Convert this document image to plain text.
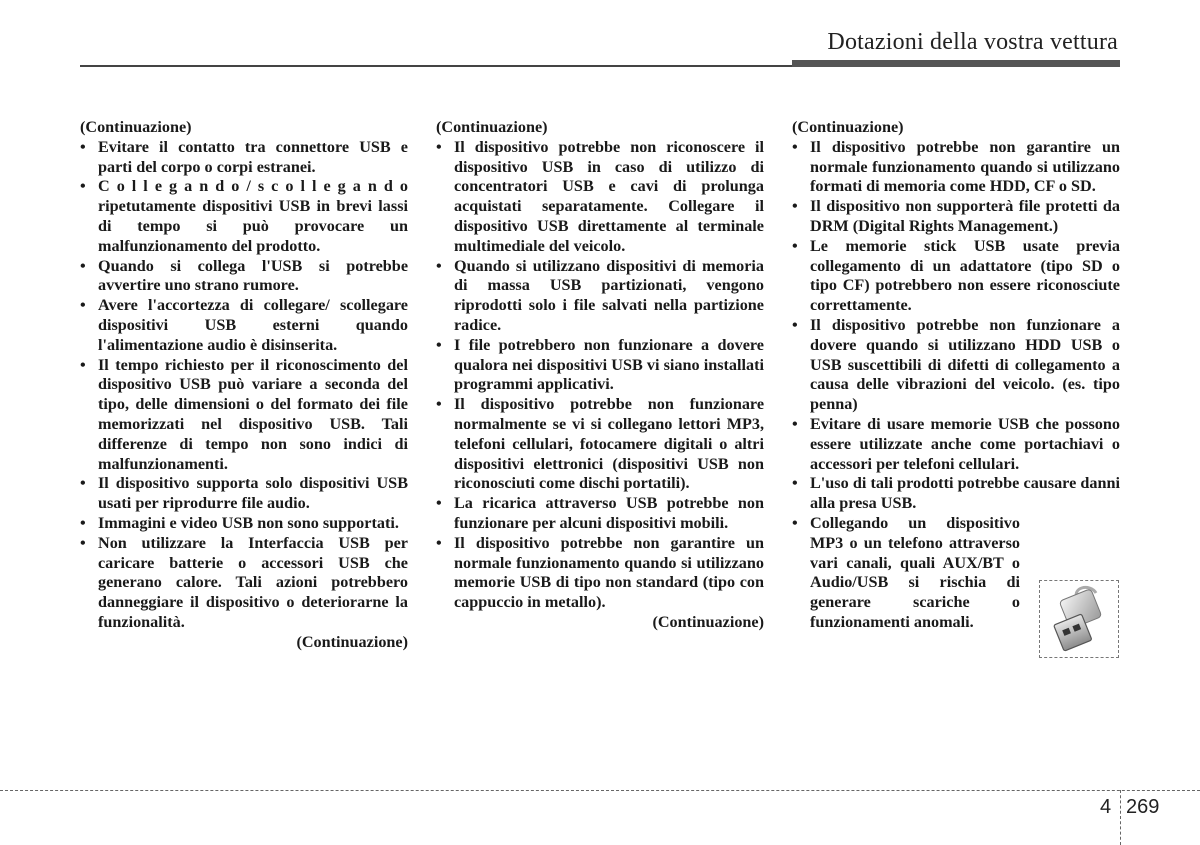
Dotazioni della vostra vettura

(Continuazione)

• Evitare il contatto tra connettore USB e parti del corpo o corpi estranei.
• C o l l e g a n d o / s c o l l e g a n d o ripetutamente dispositivi USB in brevi lassi di tempo si può provocare un malfunzionamento del prodotto.
• Quando si collega l'USB si potrebbe avvertire uno strano rumore.
• Avere l'accortezza di collegare/ scollegare dispositivi USB esterni quando l'alimentazione audio è disinserita.
• Il tempo richiesto per il riconoscimento del dispositivo USB può variare a seconda del tipo, delle dimensioni o del formato dei file memorizzati nel dispositivo USB. Tali differenze di tempo non sono indici di malfunzionamenti.
• Il dispositivo supporta solo dispositivi USB usati per riprodurre file audio.
• Immagini e video USB non sono supportati.
• Non utilizzare la Interfaccia USB per caricare batterie o accessori USB che generano calore. Tali azioni potrebbero danneggiare il dispositivo o deteriorarne la funzionalità.

(Continuazione)

(Continuazione)

• Il dispositivo potrebbe non riconoscere il dispositivo USB in caso di utilizzo di concentratori USB e cavi di prolunga acquistati separatamente. Collegare il dispositivo USB direttamente al terminale multimediale del veicolo.
• Quando si utilizzano dispositivi di memoria di massa USB partizionati, vengono riprodotti solo i file salvati nella partizione radice.
• I file potrebbero non funzionare a dovere qualora nei dispositivi USB vi siano installati programmi applicativi.
• Il dispositivo potrebbe non funzionare normalmente se vi si collegano lettori MP3, telefoni cellulari, fotocamere digitali o altri dispositivi elettronici (dispositivi USB non riconosciuti come dischi portatili).
• La ricarica attraverso USB potrebbe non funzionare per alcuni dispositivi mobili.
• Il dispositivo potrebbe non garantire un normale funzionamento quando si utilizzano memorie USB di tipo non standard (tipo con cappuccio in metallo).

(Continuazione)

(Continuazione)

• Il dispositivo potrebbe non garantire un normale funzionamento quando si utilizzano formati di memoria come HDD, CF o SD.
• Il dispositivo non supporterà file protetti da DRM (Digital Rights Management.)
• Le memorie stick USB usate previa collegamento di un adattatore (tipo SD o tipo CF) potrebbero non essere riconosciute correttamente.
• Il dispositivo potrebbe non funzionare a dovere quando si utilizzano HDD USB o USB suscettibili di difetti di collegamento a causa delle vibrazioni del veicolo. (es. tipo penna)
• Evitare di usare memorie USB che possono essere utilizzate anche come portachiavi o accessori per telefoni cellulari.
• L'uso di tali prodotti potrebbe causare danni alla presa USB.
• Collegando un dispositivo MP3 o un telefono attraverso vari canali, quali AUX/BT o Audio/USB si rischia di generare scariche o funzionamenti anomali.
4 269
